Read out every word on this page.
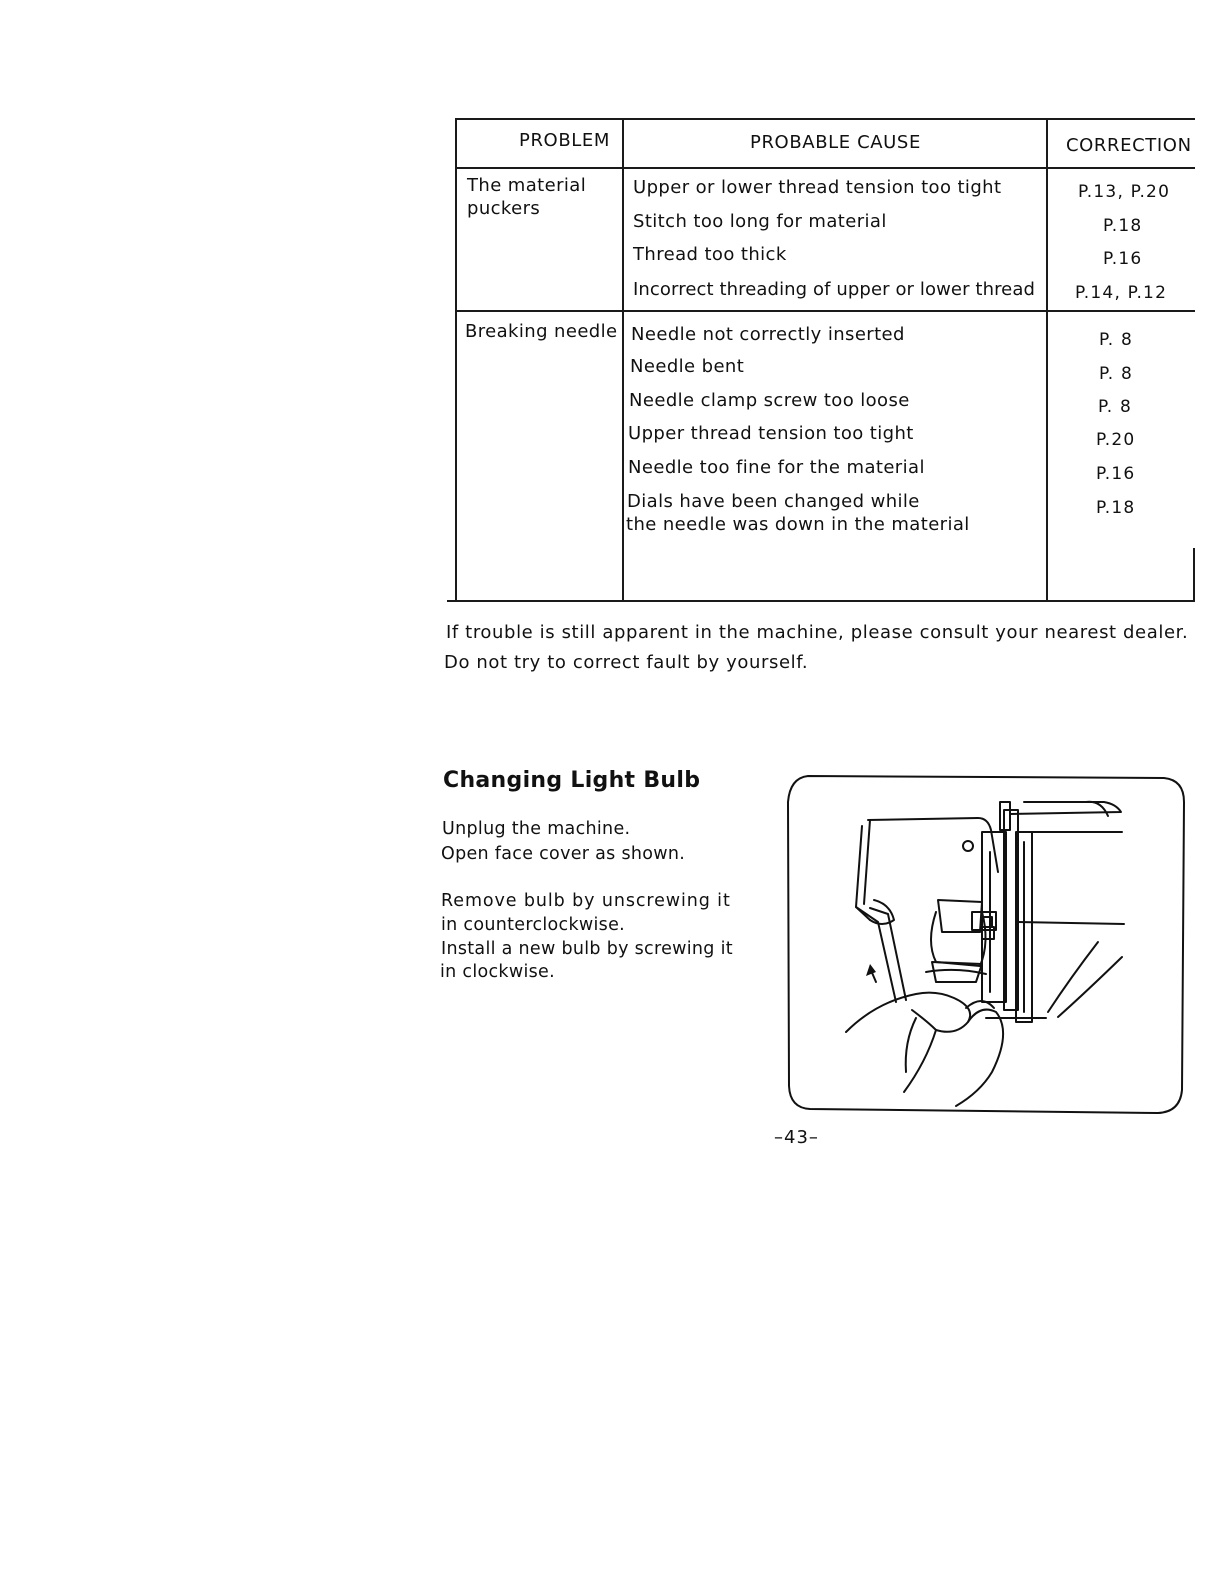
PROBLEM	PROBABLE CAUSE	CORRECTION
The material
puckers
Upper or lower thread tension too tight
Stitch too long for material
Thread too thick
Incorrect threading of upper or lower thread
P.13, P.20
P.18
P.16
P.14, P.12
Breaking needle Needle not correctly inserted
Needle bent
Needle clamp screw too loose
Upper thread tension too tight
Needle too fine for the material
Dials have been changed while
the needle was down in the material
P. 8
P. 8
P. 8
P.20
P.16
P.18
If trouble is still apparent in the machine, please consult your nearest dealer.
Do not try to correct fault by yourself.
Changing Light Bulb
Unplug the machine.
Open face cover as shown.
Remove bulb by unscrewing it
in counterclockwise.
Install a new bulb by screwing it
in clockwise.
–43–
